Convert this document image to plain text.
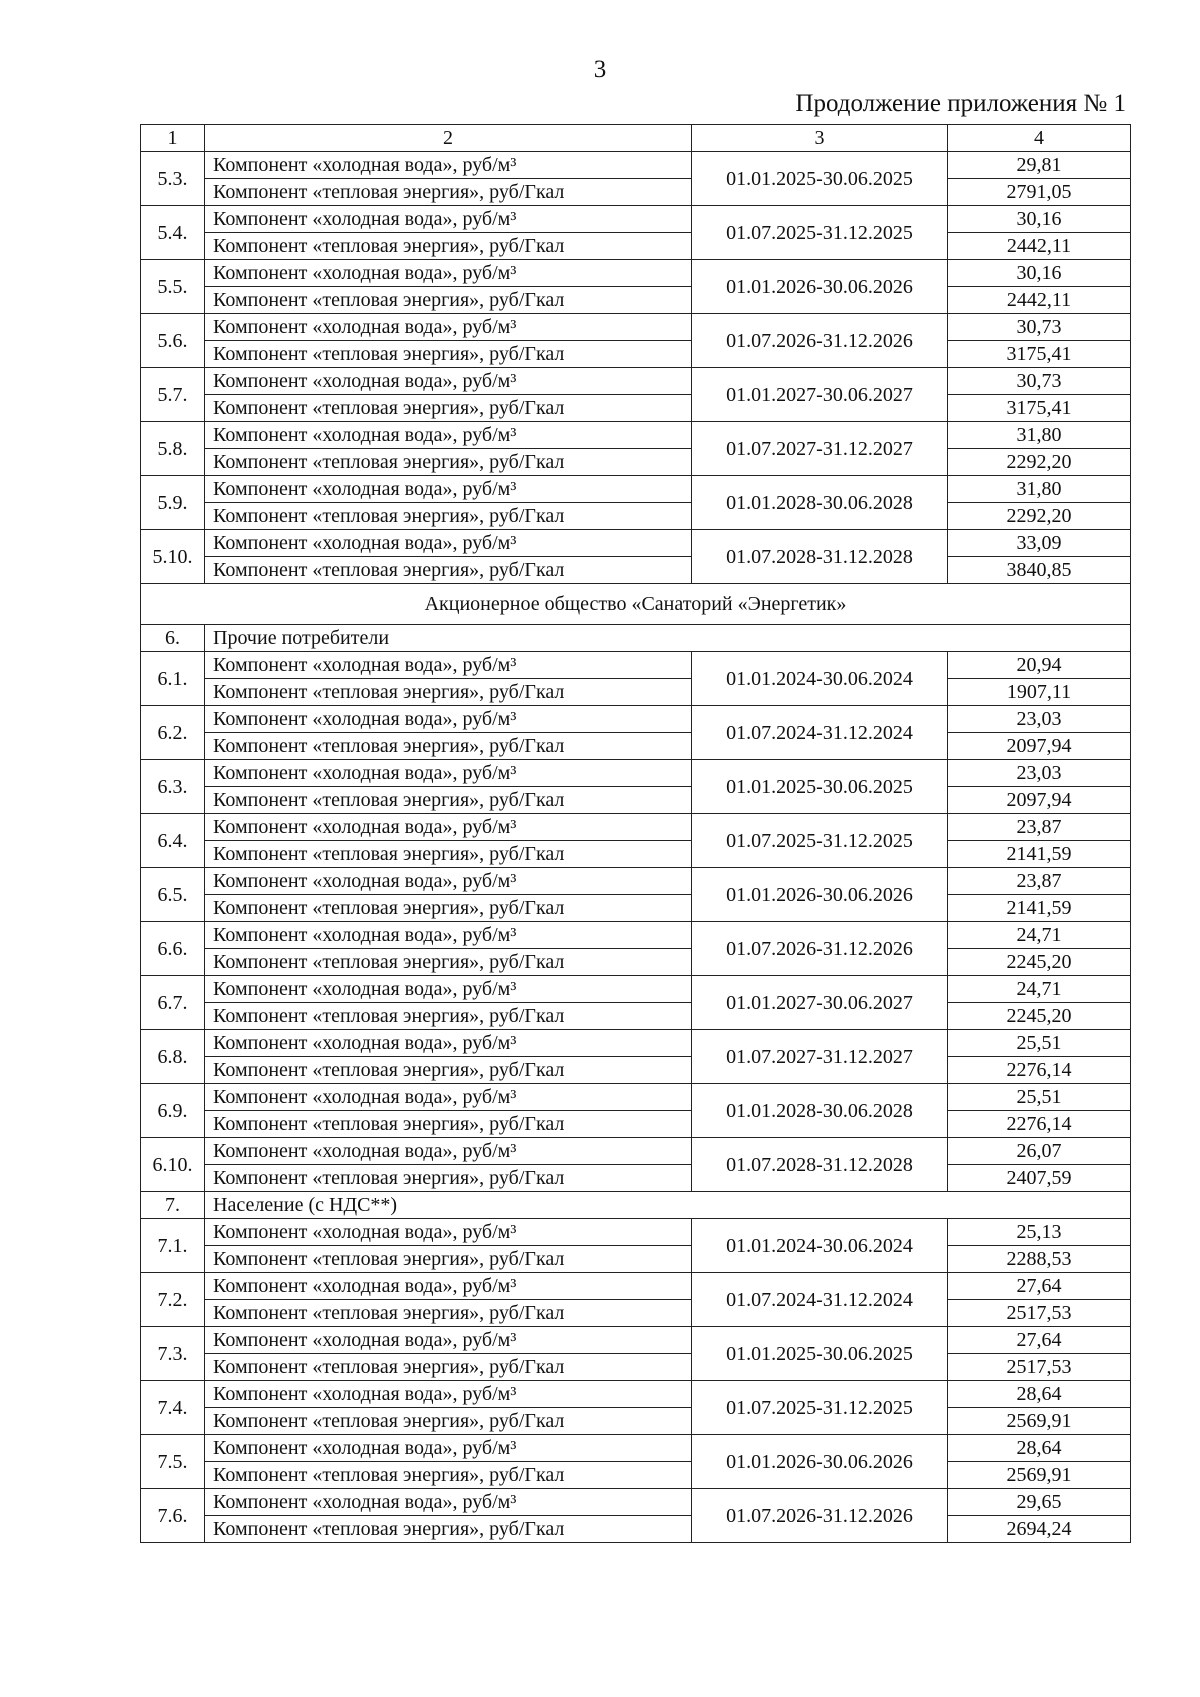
3
Продолжение приложения № 1
1	2	3	4
5.3.	Компонент «холодная вода», руб/м³	01.01.2025-30.06.2025	29,81
	Компонент «тепловая энергия», руб/Гкал		2791,05
5.4.	Компонент «холодная вода», руб/м³	01.07.2025-31.12.2025	30,16
	Компонент «тепловая энергия», руб/Гкал		2442,11
5.5.	Компонент «холодная вода», руб/м³	01.01.2026-30.06.2026	30,16
	Компонент «тепловая энергия», руб/Гкал		2442,11
5.6.	Компонент «холодная вода», руб/м³	01.07.2026-31.12.2026	30,73
	Компонент «тепловая энергия», руб/Гкал		3175,41
5.7.	Компонент «холодная вода», руб/м³	01.01.2027-30.06.2027	30,73
	Компонент «тепловая энергия», руб/Гкал		3175,41
5.8.	Компонент «холодная вода», руб/м³	01.07.2027-31.12.2027	31,80
	Компонент «тепловая энергия», руб/Гкал		2292,20
5.9.	Компонент «холодная вода», руб/м³	01.01.2028-30.06.2028	31,80
	Компонент «тепловая энергия», руб/Гкал		2292,20
5.10.	Компонент «холодная вода», руб/м³	01.07.2028-31.12.2028	33,09
	Компонент «тепловая энергия», руб/Гкал		3840,85
Акционерное общество «Санаторий «Энергетик»			
6.	Прочие потребители		
6.1.	Компонент «холодная вода», руб/м³	01.01.2024-30.06.2024	20,94
	Компонент «тепловая энергия», руб/Гкал		1907,11
6.2.	Компонент «холодная вода», руб/м³	01.07.2024-31.12.2024	23,03
	Компонент «тепловая энергия», руб/Гкал		2097,94
6.3.	Компонент «холодная вода», руб/м³	01.01.2025-30.06.2025	23,03
	Компонент «тепловая энергия», руб/Гкал		2097,94
6.4.	Компонент «холодная вода», руб/м³	01.07.2025-31.12.2025	23,87
	Компонент «тепловая энергия», руб/Гкал		2141,59
6.5.	Компонент «холодная вода», руб/м³	01.01.2026-30.06.2026	23,87
	Компонент «тепловая энергия», руб/Гкал		2141,59
6.6.	Компонент «холодная вода», руб/м³	01.07.2026-31.12.2026	24,71
	Компонент «тепловая энергия», руб/Гкал		2245,20
6.7.	Компонент «холодная вода», руб/м³	01.01.2027-30.06.2027	24,71
	Компонент «тепловая энергия», руб/Гкал		2245,20
6.8.	Компонент «холодная вода», руб/м³	01.07.2027-31.12.2027	25,51
	Компонент «тепловая энергия», руб/Гкал		2276,14
6.9.	Компонент «холодная вода», руб/м³	01.01.2028-30.06.2028	25,51
	Компонент «тепловая энергия», руб/Гкал		2276,14
6.10.	Компонент «холодная вода», руб/м³	01.07.2028-31.12.2028	26,07
	Компонент «тепловая энергия», руб/Гкал		2407,59
7.	Население (с НДС**)		
7.1.	Компонент «холодная вода», руб/м³	01.01.2024-30.06.2024	25,13
	Компонент «тепловая энергия», руб/Гкал		2288,53
7.2.	Компонент «холодная вода», руб/м³	01.07.2024-31.12.2024	27,64
	Компонент «тепловая энергия», руб/Гкал		2517,53
7.3.	Компонент «холодная вода», руб/м³	01.01.2025-30.06.2025	27,64
	Компонент «тепловая энергия», руб/Гкал		2517,53
7.4.	Компонент «холодная вода», руб/м³	01.07.2025-31.12.2025	28,64
	Компонент «тепловая энергия», руб/Гкал		2569,91
7.5.	Компонент «холодная вода», руб/м³	01.01.2026-30.06.2026	28,64
	Компонент «тепловая энергия», руб/Гкал		2569,91
7.6.	Компонент «холодная вода», руб/м³	01.07.2026-31.12.2026	29,65
	Компонент «тепловая энергия», руб/Гкал		2694,24
